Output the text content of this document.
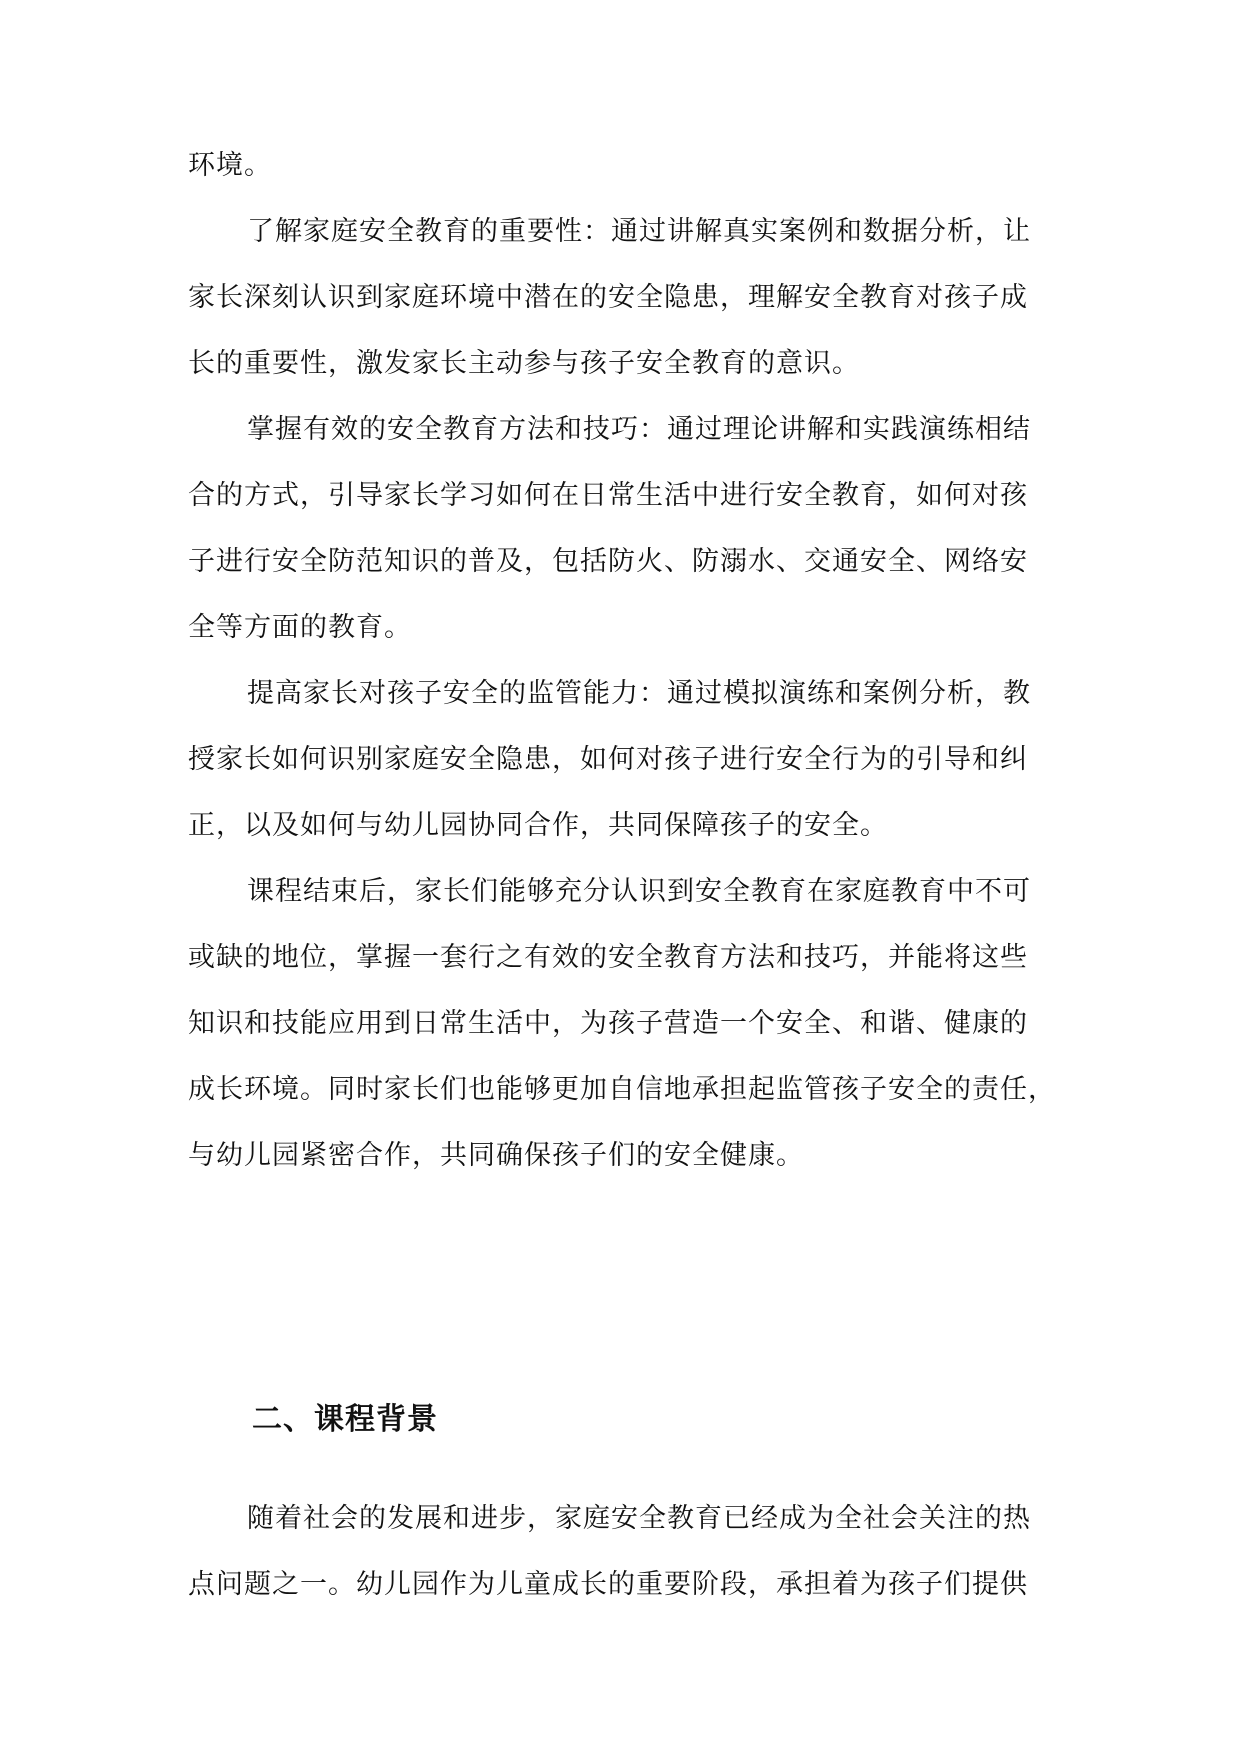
环境。
了解家庭安全教育的重要性：通过讲解真实案例和数据分析，让
家长深刻认识到家庭环境中潜在的安全隐患，理解安全教育对孩子成
长的重要性，激发家长主动参与孩子安全教育的意识。
掌握有效的安全教育方法和技巧：通过理论讲解和实践演练相结
合的方式，引导家长学习如何在日常生活中进行安全教育，如何对孩
子进行安全防范知识的普及，包括防火、防溺水、交通安全、网络安
全等方面的教育。
提高家长对孩子安全的监管能力：通过模拟演练和案例分析，教
授家长如何识别家庭安全隐患，如何对孩子进行安全行为的引导和纠
正，以及如何与幼儿园协同合作，共同保障孩子的安全。
课程结束后，家长们能够充分认识到安全教育在家庭教育中不可
或缺的地位，掌握一套行之有效的安全教育方法和技巧，并能将这些
知识和技能应用到日常生活中，为孩子营造一个安全、和谐、健康的
成长环境。同时家长们也能够更加自信地承担起监管孩子安全的责任，
与幼儿园紧密合作，共同确保孩子们的安全健康。
二、课程背景
随着社会的发展和进步，家庭安全教育已经成为全社会关注的热
点问题之一。幼儿园作为儿童成长的重要阶段，承担着为孩子们提供
